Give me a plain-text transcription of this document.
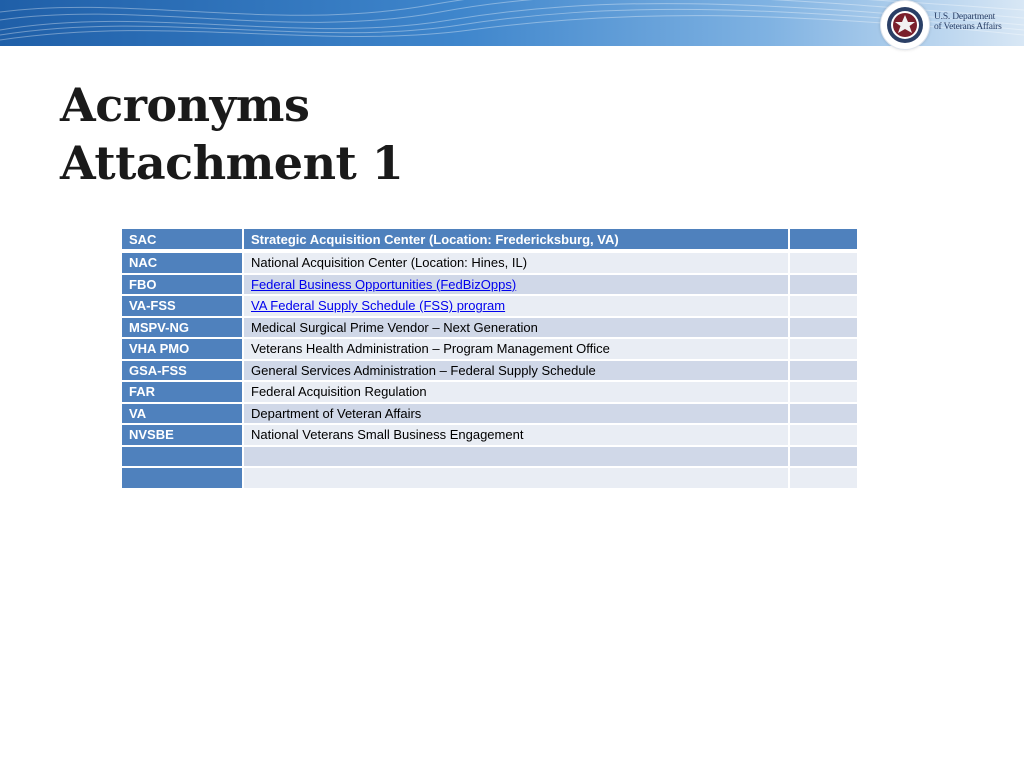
U.S. Department
of Veterans Affairs
Acronyms
Attachment 1
SAC	Strategic Acquisition Center (Location: Fredericksburg, VA)	
NAC	National Acquisition Center (Location: Hines, IL)	
FBO	Federal Business Opportunities (FedBizOpps)	
VA-FSS	VA Federal Supply Schedule (FSS) program	
MSPV-NG	Medical Surgical Prime Vendor – Next Generation	
VHA PMO	Veterans Health Administration – Program Management Office	
GSA-FSS	General Services Administration – Federal Supply Schedule	
FAR	Federal Acquisition Regulation	
VA	Department of Veteran Affairs	
NVSBE	National Veterans Small Business Engagement	
